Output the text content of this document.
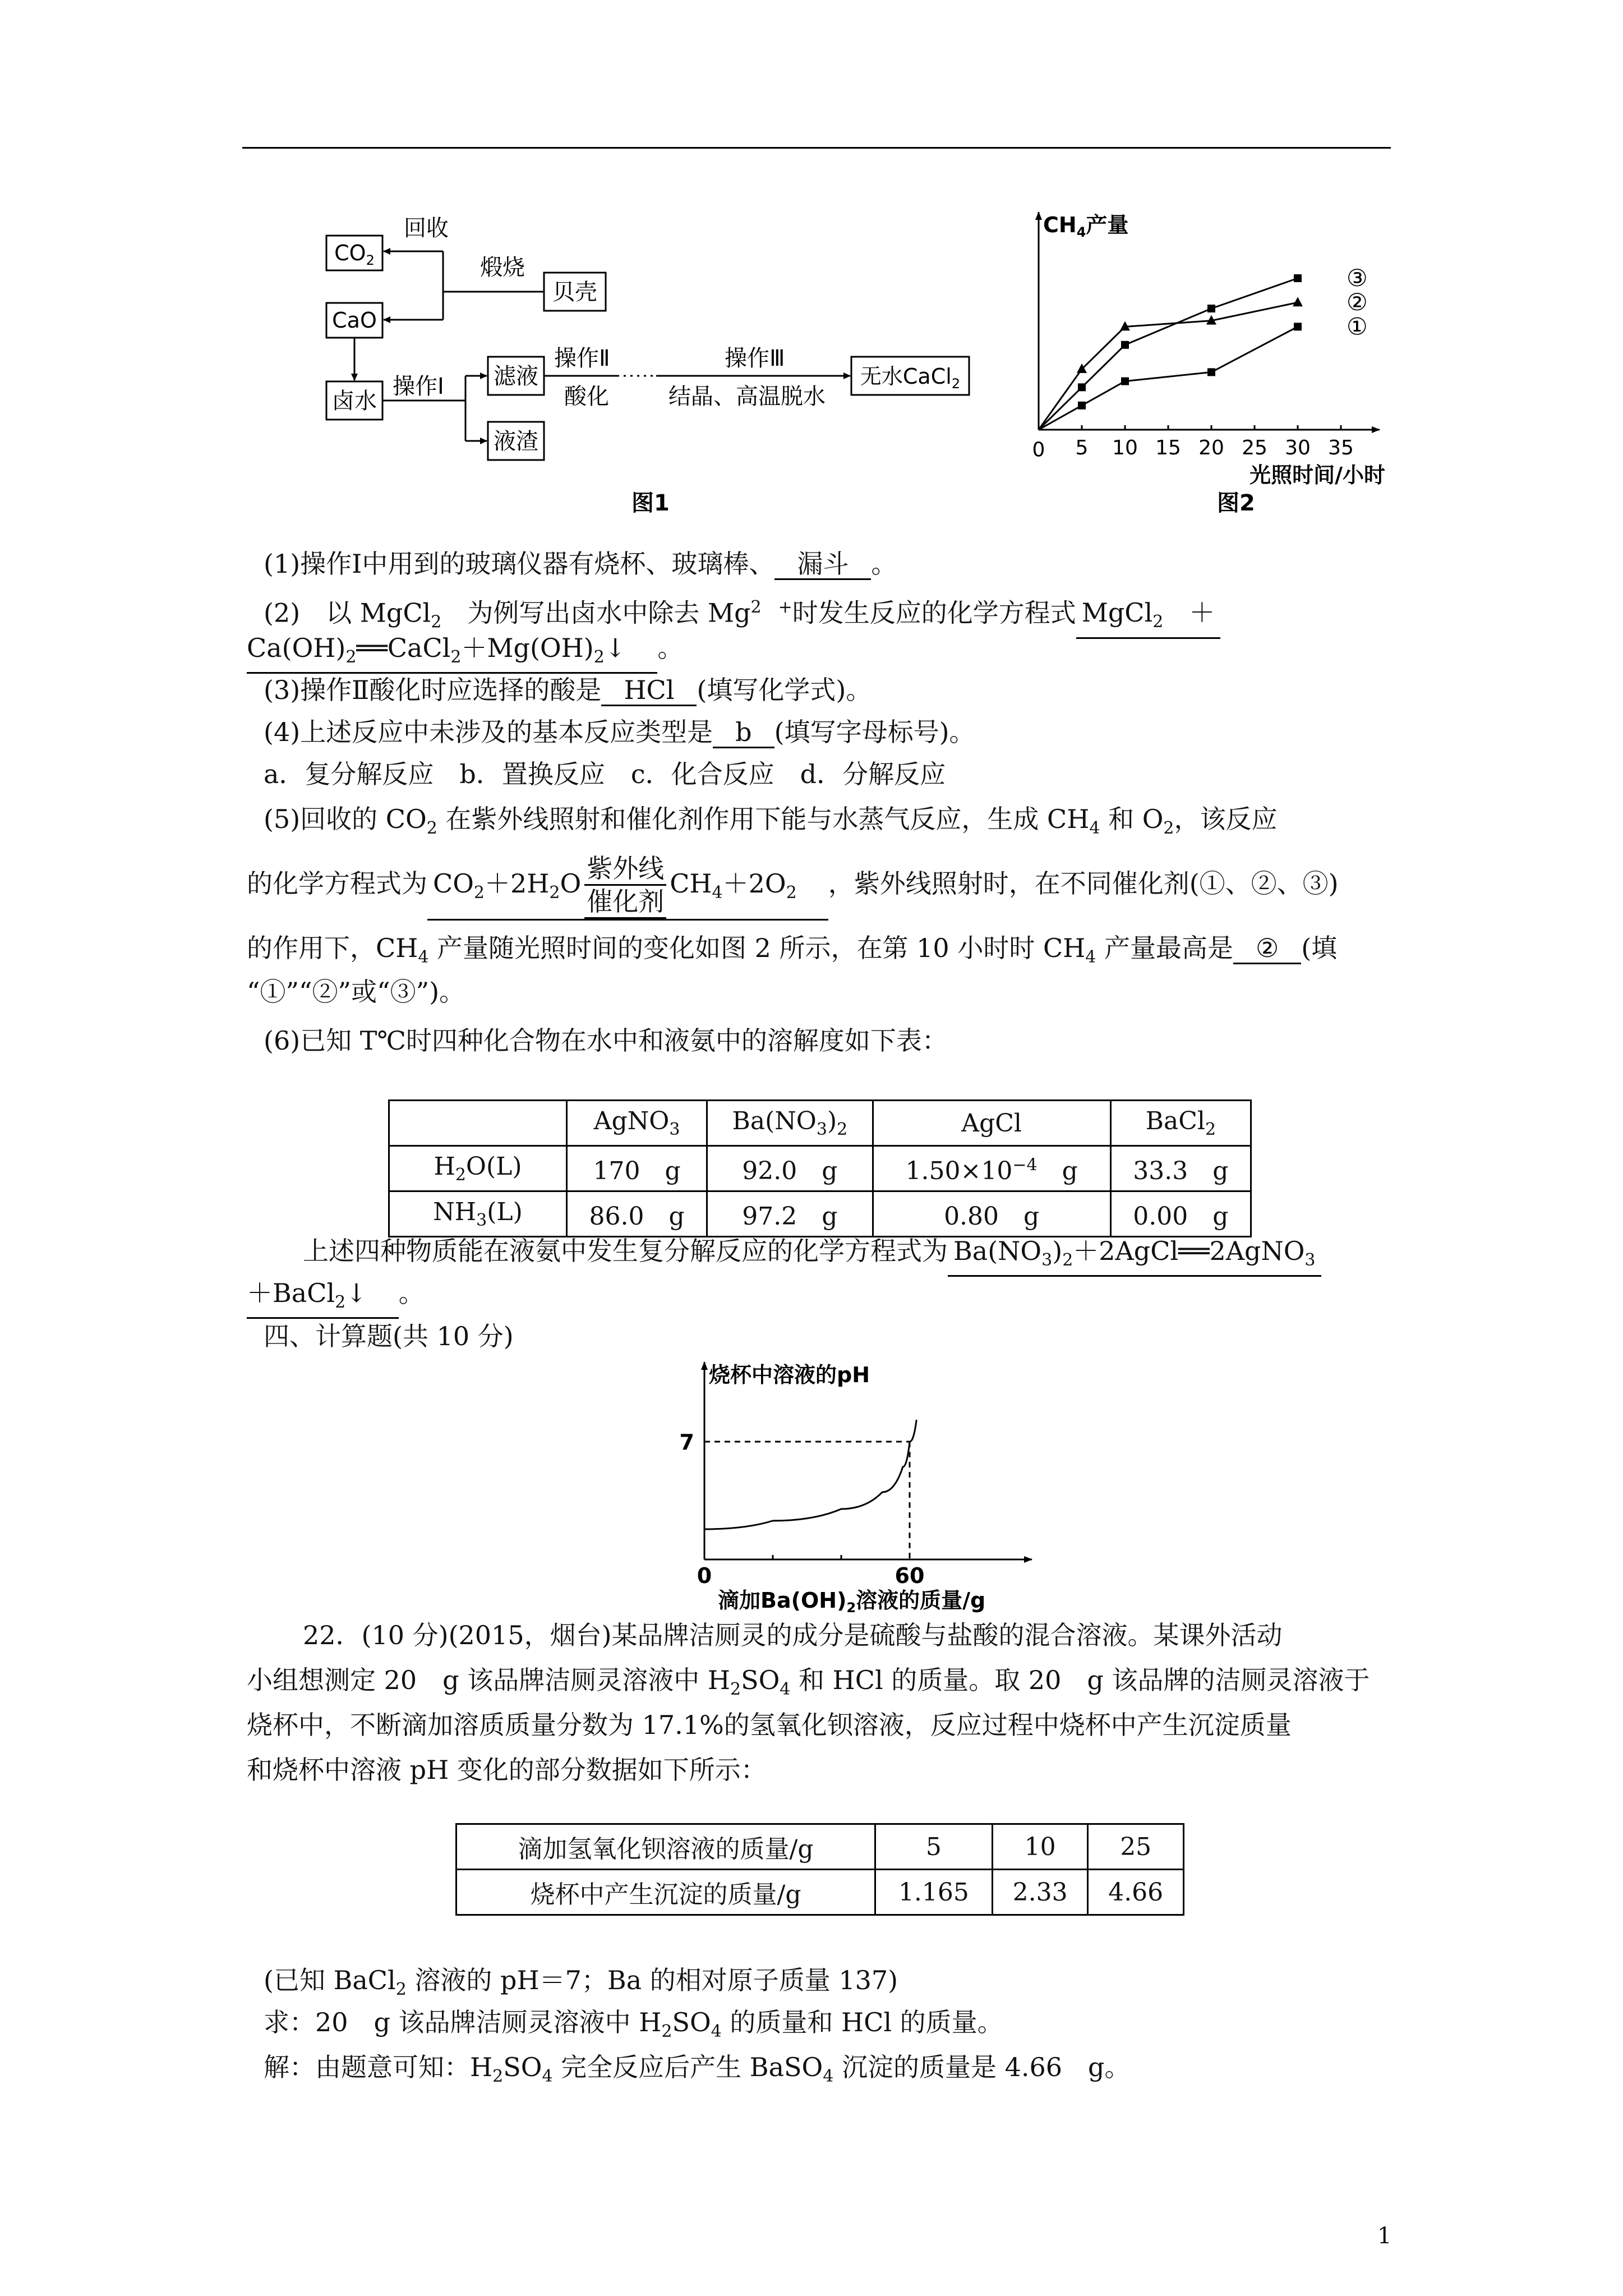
$CO_2$
回收
煅烧
贝壳
CaO
卤水
操作Ⅰ 滤液
液渣
操作Ⅱ
酸化
操作Ⅲ
结晶、高温脱水
无水CaCl$_2$
图1
$CH_4$产量
0 5 10 15 20 25 30 35
①
②
③
光照时间/小时
图2
(1)操作Ⅰ中用到的玻璃仪器有烧杯、玻璃棒、 漏斗 。
(2)　以 MgCl$_2$　为例写出卤水中除去 $Mg^{2 +}$时发生反应的化学方程式 MgCl$_2$　 ＋
$Ca(OH)_2══CaCl_2+Mg(OH)_2↓$　 。
(3)操作Ⅱ酸化时应选择的酸是 HCl (填写化学式)。
(4)上述反应中未涉及的基本反应类型是 b (填写字母标号)。
a．复分解反应　b．置换反应　c．化合反应　d．分解反应
(5)回收的 $CO_2$ 在紫外线照射和催化剂作用下能与水蒸气反应，生成 $CH_4$ 和 $O_2$，该反应
的化学方程式为 $CO_2+2H_2O \frac{\text{紫外线}}{\text{催化剂}} CH_4+2O_2$　 ，紫外线照射时，在不同催化剂(①、②、③)
的作用下，$CH_4$ 产量随光照时间的变化如图 2 所示，在第 10 小时时 $CH_4$ 产量最高是 ② (填
“①”“②”或“③”)。
(6)已知 T℃时四种化合物在水中和液氨中的溶解度如下表：
	AgNO$_3$	$Ba(NO_3)_2$	AgCl	BaCl$_2$
$H_2O(L)$	170　g	92.0　g	$1.50\times 10^{-4}$　g	33.3　g
$NH_3(L)$	86.0　g	97.2　g	0.80　g	0.00　g
上述四种物质能在液氨中发生复分解反应的化学方程式为 $Ba(NO_3)_2+2AgCl══2AgNO_3$
＋BaCl$_2$↓　 。
四、计算题(共 10 分)
烧杯中溶液的pH
7
0	60
滴加$Ba(OH)_2$溶液的质量/g
22．(10 分)(2015，烟台)某品牌洁厕灵的成分是硫酸与盐酸的混合溶液。某课外活动
小组想测定 20　g 该品牌洁厕灵溶液中 $H_2SO_4$ 和 HCl 的质量。取 20　g 该品牌的洁厕灵溶液于
烧杯中，不断滴加溶质质量分数为 17.1%的氢氧化钡溶液，反应过程中烧杯中产生沉淀质量
和烧杯中溶液 pH 变化的部分数据如下所示：
滴加氢氧化钡溶液的质量/g	5	10	25
烧杯中产生沉淀的质量/g	1.165	2.33	4.66
(已知 BaCl$_2$ 溶液的 pH＝7；Ba 的相对原子质量 137)
求：20　g 该品牌洁厕灵溶液中 $H_2SO_4$ 的质量和 HCl 的质量。
解：由题意可知：$H_2SO_4$ 完全反应后产生 BaSO$_4$ 沉淀的质量是 4.66　g。
1
